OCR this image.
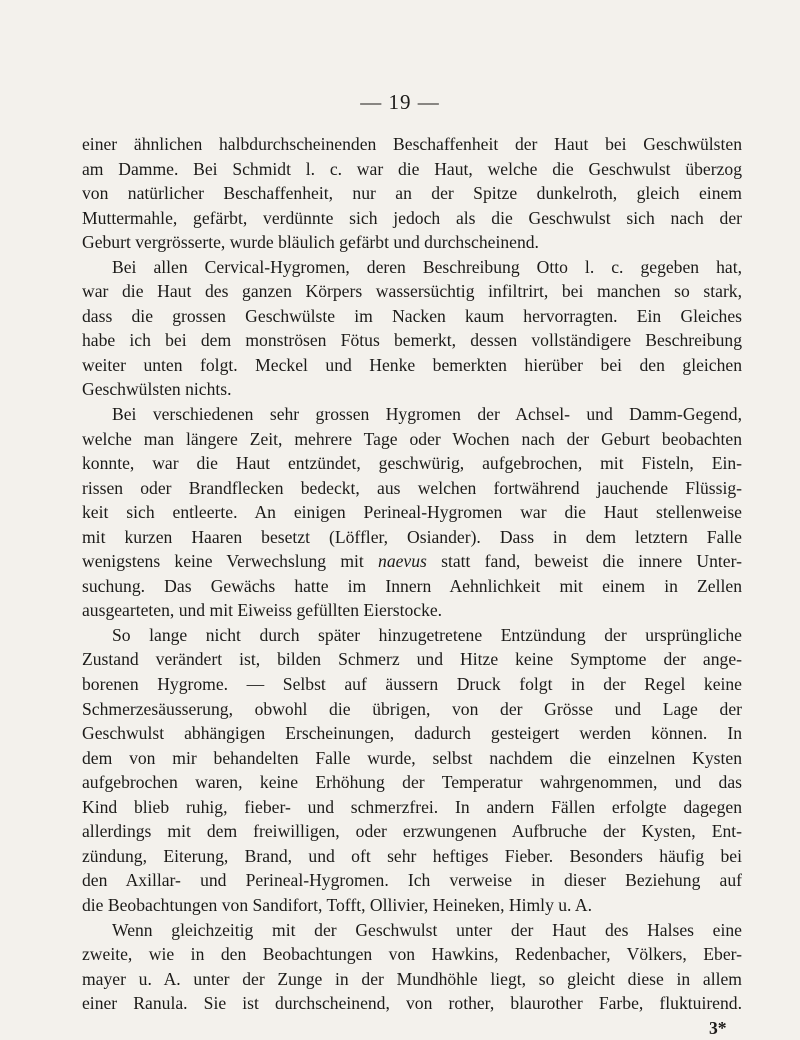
— 19 —
einer ähnlichen halbdurchscheinenden Beschaffenheit der Haut bei Geschwülsten
am Damme. Bei Schmidt l. c. war die Haut, welche die Geschwulst überzog
von natürlicher Beschaffenheit, nur an der Spitze dunkelroth, gleich einem
Muttermahle, gefärbt, verdünnte sich jedoch als die Geschwulst sich nach der
Geburt vergrösserte, wurde bläulich gefärbt und durchscheinend.
Bei allen Cervical-Hygromen, deren Beschreibung Otto l. c. gegeben hat,
war die Haut des ganzen Körpers wassersüchtig infiltrirt, bei manchen so stark,
dass die grossen Geschwülste im Nacken kaum hervorragten. Ein Gleiches
habe ich bei dem monströsen Fötus bemerkt, dessen vollständigere Beschreibung
weiter unten folgt. Meckel und Henke bemerkten hierüber bei den gleichen
Geschwülsten nichts.
Bei verschiedenen sehr grossen Hygromen der Achsel- und Damm-Gegend,
welche man längere Zeit, mehrere Tage oder Wochen nach der Geburt beobachten
konnte, war die Haut entzündet, geschwürig, aufgebrochen, mit Fisteln, Ein-
rissen oder Brandflecken bedeckt, aus welchen fortwährend jauchende Flüssig-
keit sich entleerte. An einigen Perineal-Hygromen war die Haut stellenweise
mit kurzen Haaren besetzt (Löffler, Osiander). Dass in dem letztern Falle
wenigstens keine Verwechslung mit naevus statt fand, beweist die innere Unter-
suchung. Das Gewächs hatte im Innern Aehnlichkeit mit einem in Zellen
ausgearteten, und mit Eiweiss gefüllten Eierstocke.
So lange nicht durch später hinzugetretene Entzündung der ursprüngliche
Zustand verändert ist, bilden Schmerz und Hitze keine Symptome der ange-
borenen Hygrome. — Selbst auf äussern Druck folgt in der Regel keine
Schmerzesäusserung, obwohl die übrigen, von der Grösse und Lage der
Geschwulst abhängigen Erscheinungen, dadurch gesteigert werden können. In
dem von mir behandelten Falle wurde, selbst nachdem die einzelnen Kysten
aufgebrochen waren, keine Erhöhung der Temperatur wahrgenommen, und das
Kind blieb ruhig, fieber- und schmerzfrei. In andern Fällen erfolgte dagegen
allerdings mit dem freiwilligen, oder erzwungenen Aufbruche der Kysten, Ent-
zündung, Eiterung, Brand, und oft sehr heftiges Fieber. Besonders häufig bei
den Axillar- und Perineal-Hygromen. Ich verweise in dieser Beziehung auf
die Beobachtungen von Sandifort, Tofft, Ollivier, Heineken, Himly u. A.
Wenn gleichzeitig mit der Geschwulst unter der Haut des Halses eine
zweite, wie in den Beobachtungen von Hawkins, Redenbacher, Völkers, Eber-
mayer u. A. unter der Zunge in der Mundhöhle liegt, so gleicht diese in allem
einer Ranula. Sie ist durchscheinend, von rother, blaurother Farbe, fluktuirend.
3*
